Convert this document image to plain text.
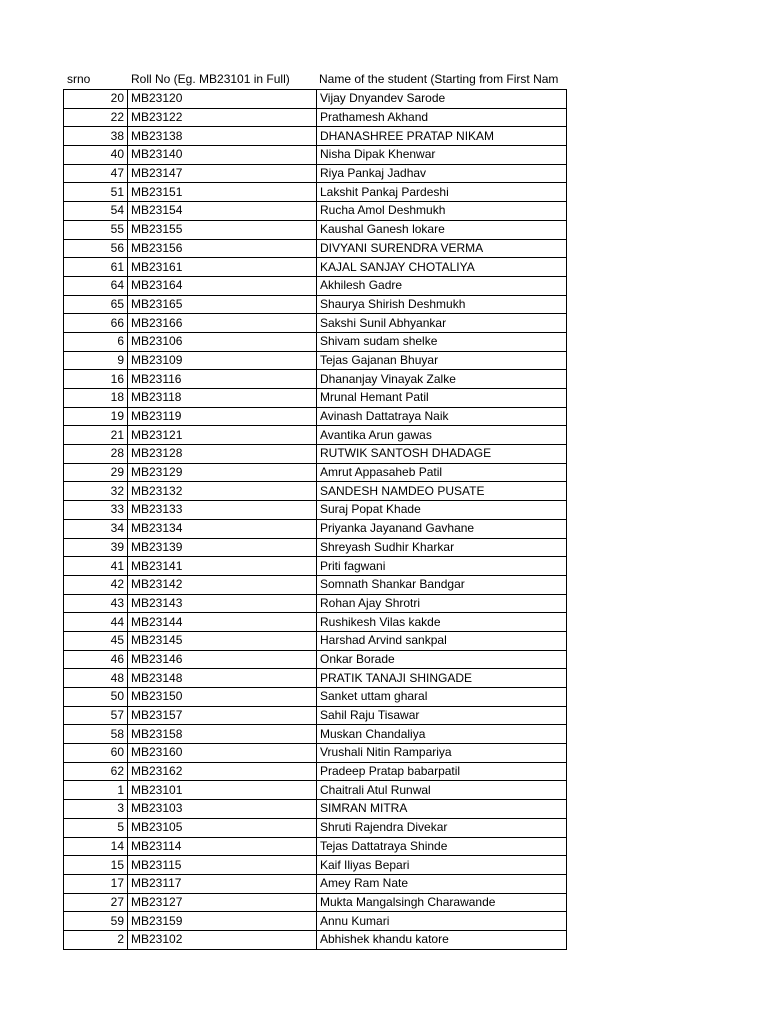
srno	Roll No (Eg. MB23101 in Full)	Name of the student (Starting from First Nam
20	MB23120	Vijay Dnyandev Sarode
22	MB23122	Prathamesh Akhand
38	MB23138	DHANASHREE PRATAP NIKAM
40	MB23140	Nisha Dipak Khenwar
47	MB23147	Riya Pankaj Jadhav
51	MB23151	Lakshit Pankaj Pardeshi
54	MB23154	Rucha Amol Deshmukh
55	MB23155	Kaushal Ganesh lokare
56	MB23156	DIVYANI SURENDRA VERMA
61	MB23161	KAJAL SANJAY CHOTALIYA
64	MB23164	Akhilesh Gadre
65	MB23165	Shaurya Shirish Deshmukh
66	MB23166	Sakshi Sunil Abhyankar
6	MB23106	Shivam sudam shelke
9	MB23109	Tejas Gajanan Bhuyar
16	MB23116	Dhananjay Vinayak Zalke
18	MB23118	Mrunal Hemant Patil
19	MB23119	Avinash Dattatraya Naik
21	MB23121	Avantika Arun gawas
28	MB23128	RUTWIK SANTOSH DHADAGE
29	MB23129	Amrut Appasaheb Patil
32	MB23132	SANDESH NAMDEO PUSATE
33	MB23133	Suraj Popat Khade
34	MB23134	Priyanka Jayanand Gavhane
39	MB23139	Shreyash Sudhir Kharkar
41	MB23141	Priti fagwani
42	MB23142	Somnath Shankar Bandgar
43	MB23143	Rohan Ajay Shrotri
44	MB23144	Rushikesh Vilas kakde
45	MB23145	Harshad Arvind sankpal
46	MB23146	Onkar Borade
48	MB23148	PRATIK TANAJI SHINGADE
50	MB23150	Sanket uttam gharal
57	MB23157	Sahil Raju Tisawar
58	MB23158	Muskan Chandaliya
60	MB23160	Vrushali Nitin Rampariya
62	MB23162	Pradeep Pratap babarpatil
1	MB23101	Chaitrali Atul Runwal
3	MB23103	SIMRAN MITRA
5	MB23105	Shruti Rajendra Divekar
14	MB23114	Tejas Dattatraya Shinde
15	MB23115	Kaif Iliyas Bepari
17	MB23117	Amey Ram Nate
27	MB23127	Mukta Mangalsingh Charawande
59	MB23159	Annu Kumari
2	MB23102	Abhishek khandu katore
